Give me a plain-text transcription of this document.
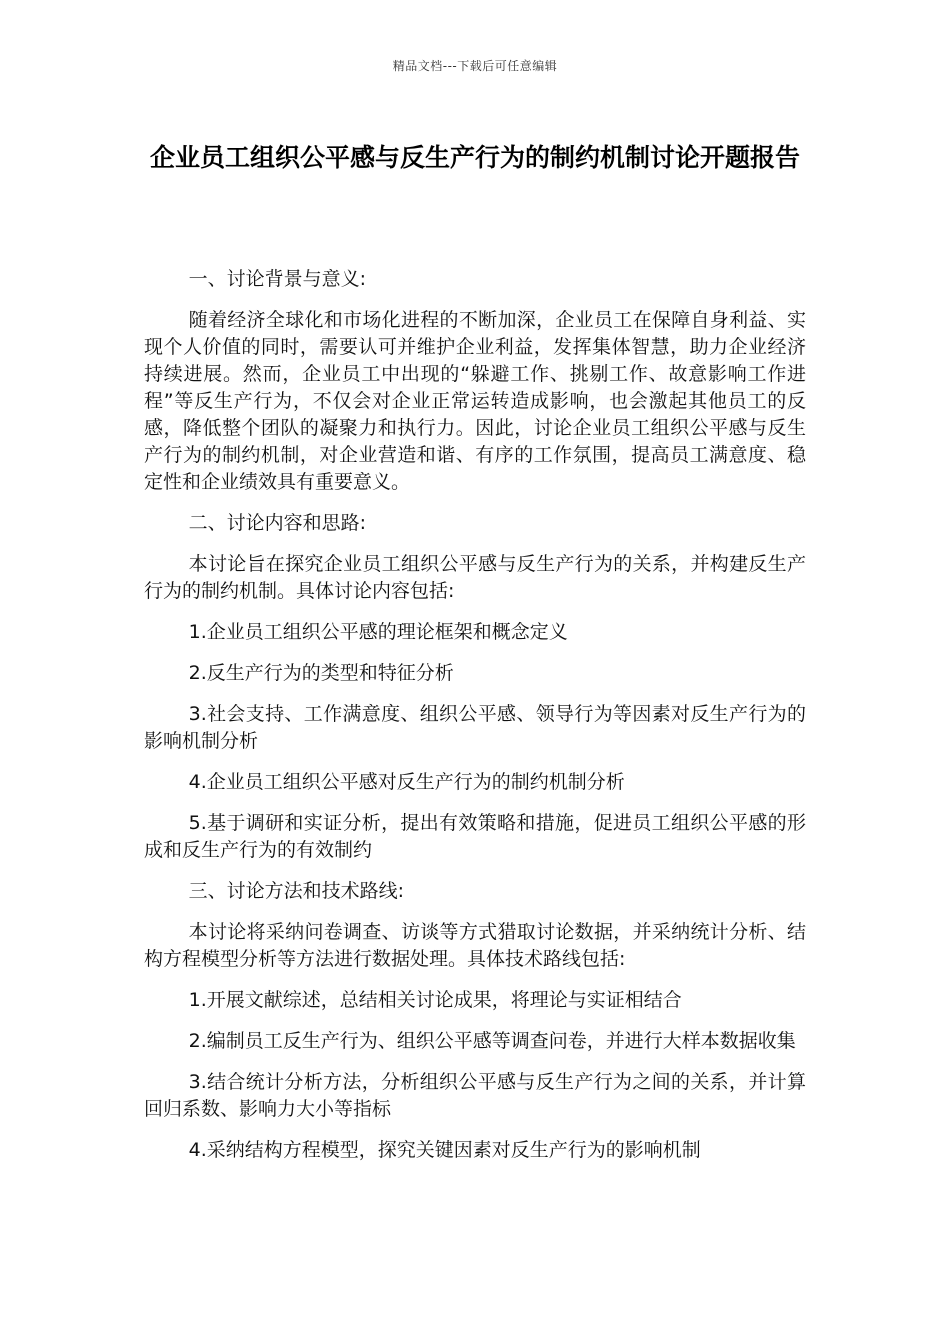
精品文档---下载后可任意编辑
企业员工组织公平感与反生产行为的制约机制讨论开题报告

一、讨论背景与意义:

随着经济全球化和市场化进程的不断加深，企业员工在保障自身利益、实现个人价值的同时，需要认可并维护企业利益，发挥集体智慧，助力企业经济持续进展。然而，企业员工中出现的“躲避工作、挑剔工作、故意影响工作进程”等反生产行为，不仅会对企业正常运转造成影响，也会激起其他员工的反感，降低整个团队的凝聚力和执行力。因此，讨论企业员工组织公平感与反生产行为的制约机制，对企业营造和谐、有序的工作氛围，提高员工满意度、稳定性和企业绩效具有重要意义。

二、讨论内容和思路:

本讨论旨在探究企业员工组织公平感与反生产行为的关系，并构建反生产行为的制约机制。具体讨论内容包括:

1.企业员工组织公平感的理论框架和概念定义

2.反生产行为的类型和特征分析

3.社会支持、工作满意度、组织公平感、领导行为等因素对反生产行为的影响机制分析

4.企业员工组织公平感对反生产行为的制约机制分析

5.基于调研和实证分析，提出有效策略和措施，促进员工组织公平感的形成和反生产行为的有效制约

三、讨论方法和技术路线:

本讨论将采纳问卷调查、访谈等方式猎取讨论数据，并采纳统计分析、结构方程模型分析等方法进行数据处理。具体技术路线包括:

1.开展文献综述，总结相关讨论成果，将理论与实证相结合

2.编制员工反生产行为、组织公平感等调查问卷，并进行大样本数据收集

3.结合统计分析方法，分析组织公平感与反生产行为之间的关系，并计算回归系数、影响力大小等指标

4.采纳结构方程模型，探究关键因素对反生产行为的影响机制
